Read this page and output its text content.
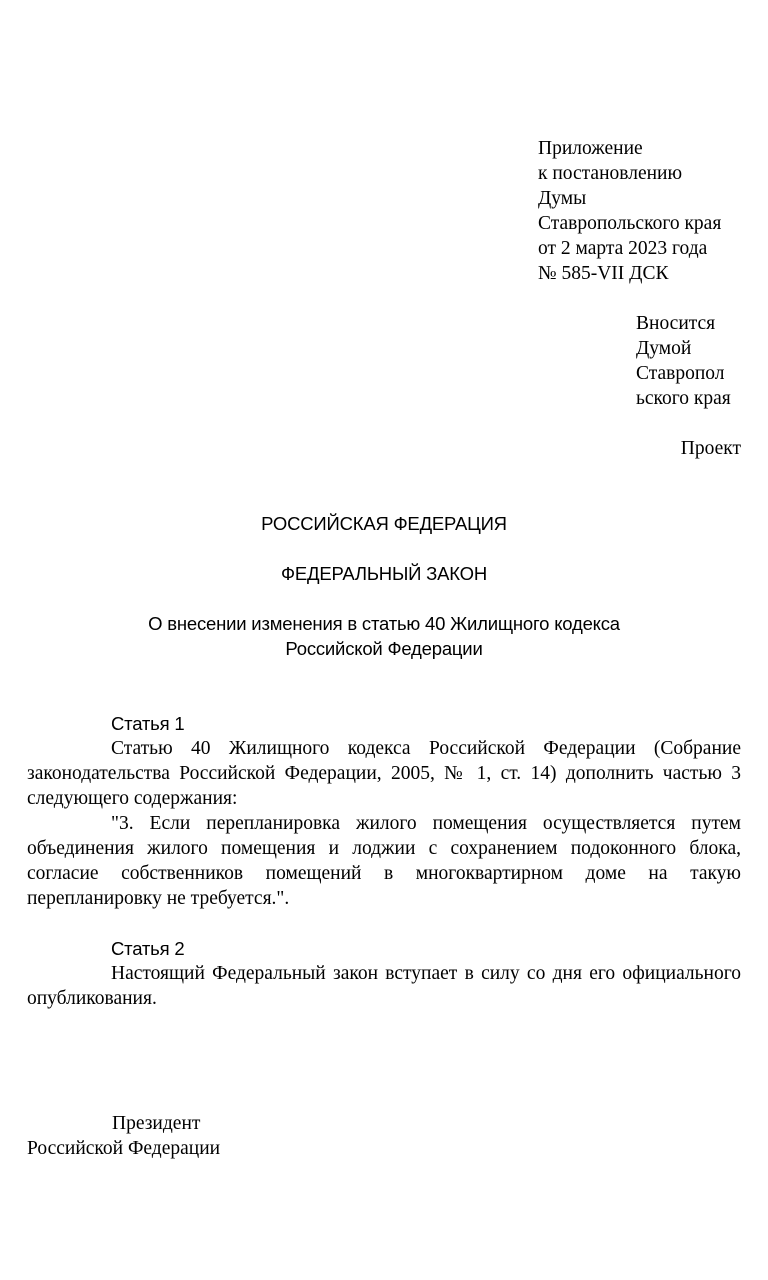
Приложение
к постановлению
Думы
Ставропольского края
от 2 марта 2023 года
№ 585-VII ДСК
Вносится
Думой
Ставропол
ьского края
Проект
РОССИЙСКАЯ ФЕДЕРАЦИЯ
ФЕДЕРАЛЬНЫЙ ЗАКОН
О внесении изменения в статью 40 Жилищного кодекса
Российской Федерации
Статья 1
Статью 40 Жилищного кодекса Российской Федерации (Собрание законодательства Российской Федерации, 2005, № 1, ст. 14) дополнить частью 3 следующего содержания:
"3. Если перепланировка жилого помещения осуществляется путем объединения жилого помещения и лоджии с сохранением подоконного блока, согласие собственников помещений в многоквартирном доме на такую перепланировку не требуется.".
Статья 2
Настоящий Федеральный закон вступает в силу со дня его официального опубликования.
Президент
Российской Федерации
